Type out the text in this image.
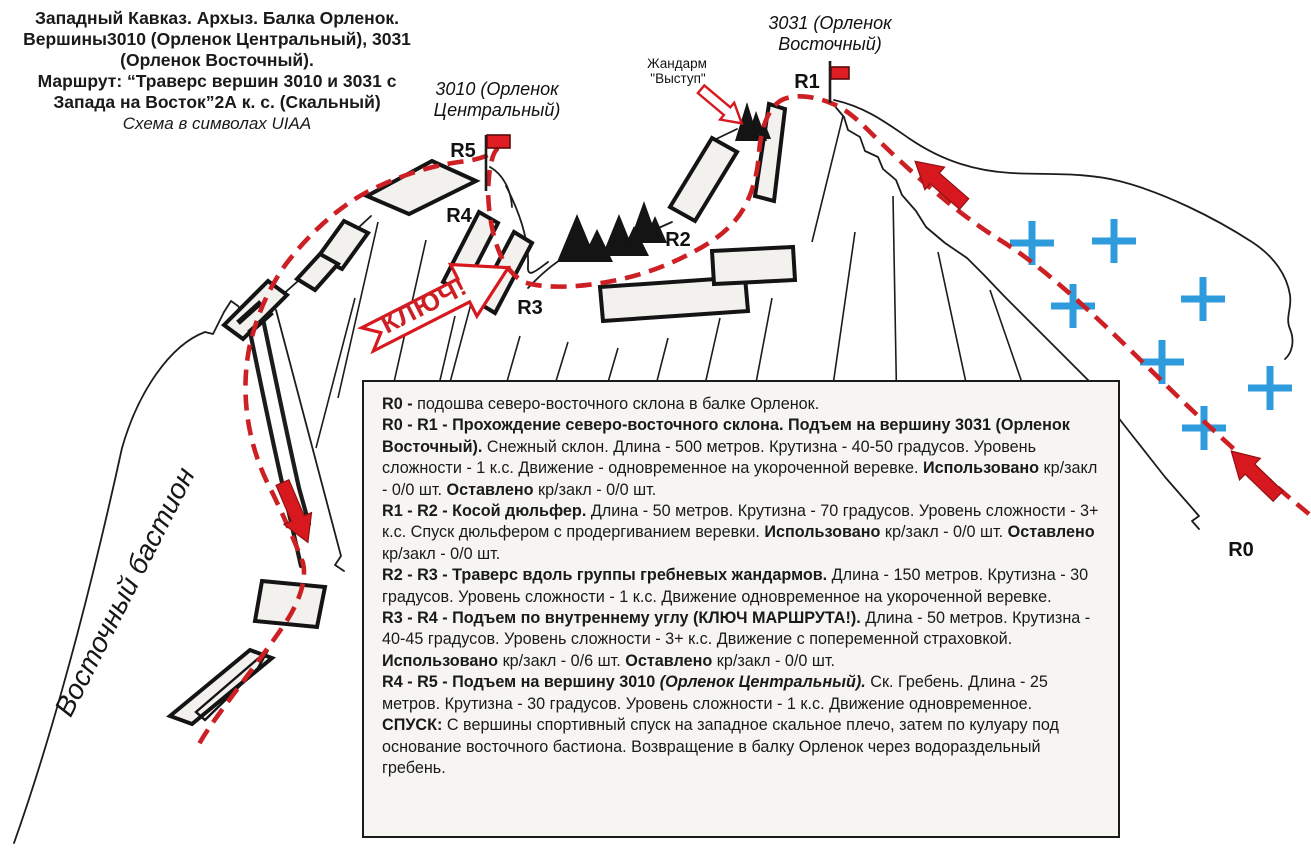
R5
R4
R3
R2
R1
R0
3010 (Орленок
Центральный)
3031 (Орленок
Восточный)
Жандарм
"Выступ"
КЛЮЧ!
Восточный бастион
Западный Кавказ. Архыз. Балка Орленок.
Вершины3010 (Орленок Центральный), 3031
(Орленок Восточный).
Маршрут: “Траверс вершин 3010 и 3031 с
Запада на Восток”2А к. с. (Скальный)
Схема в символах UIAA

R0 - подошва северо-восточного склона в балке Орленок.

R0 - R1 - Прохождение северо-восточного склона. Подъем на вершину 3031 (Орленок Восточный). Снежный склон. Длина - 500 метров. Крутизна - 40-50 градусов. Уровень сложности - 1 к.с. Движение - одновременное на укороченной веревке. Использовано кр/закл - 0/0 шт. Оставлено кр/закл - 0/0 шт.

R1 - R2 - Косой дюльфер. Длина - 50 метров. Крутизна - 70 градусов. Уровень сложности - 3+ к.с. Спуск дюльфером с продергиванием веревки. Использовано кр/закл - 0/0 шт. Оставлено кр/закл - 0/0 шт.

R2 - R3 - Траверс вдоль группы гребневых жандармов. Длина - 150 метров. Крутизна - 30 градусов. Уровень сложности - 1 к.с. Движение одновременное на укороченной веревке.

R3 - R4 - Подъем по внутреннему углу (КЛЮЧ МАРШРУТА!). Длина - 50 метров. Крутизна - 40-45 градусов. Уровень сложности - 3+ к.с. Движение с попеременной страховкой. Использовано кр/закл - 0/6 шт. Оставлено кр/закл - 0/0 шт.

R4 - R5 - Подъем на вершину 3010 (Орленок Центральный). Ск. Гребень. Длина - 25 метров. Крутизна - 30 градусов. Уровень сложности - 1 к.с. Движение одновременное.

СПУСК: С вершины спортивный спуск на западное скальное плечо, затем по кулуару под основание восточного бастиона. Возвращение в балку Орленок через водораздельный гребень.
